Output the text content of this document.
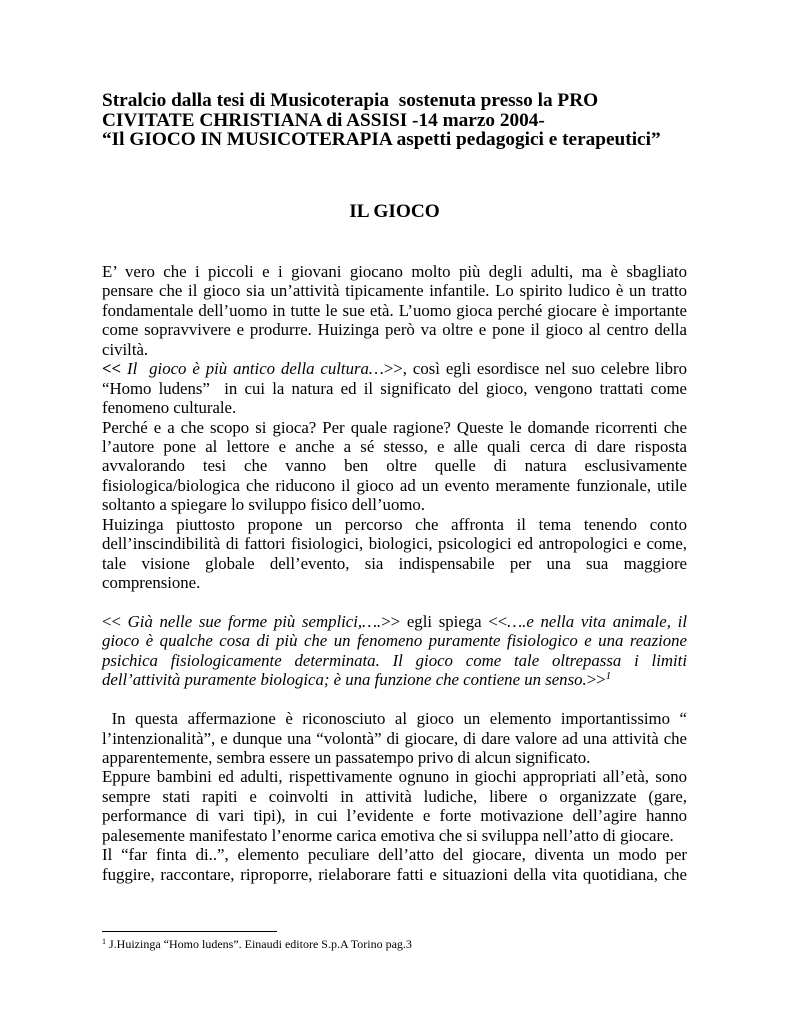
Stralcio dalla tesi di Musicoterapia  sostenuta presso la PRO
CIVITATE CHRISTIANA di ASSISI -14 marzo 2004-
“Il GIOCO IN MUSICOTERAPIA aspetti pedagogici e terapeutici”
IL GIOCO
E’ vero che i piccoli e i giovani giocano molto più degli adulti, ma è sbagliato
pensare che il gioco sia un’attività tipicamente infantile. Lo spirito ludico è un tratto
fondamentale dell’uomo in tutte le sue età. L’uomo gioca perché giocare è importante
come sopravvivere e produrre. Huizinga però va oltre e pone il gioco al centro della
civiltà.
<< Il  gioco è più antico della cultura…>>, così egli esordisce nel suo celebre libro
“Homo ludens”  in cui la natura ed il significato del gioco, vengono trattati come
fenomeno culturale.
Perché e a che scopo si gioca? Per quale ragione? Queste le domande ricorrenti che
l’autore pone al lettore e anche a sé stesso, e alle quali cerca di dare risposta
avvalorando tesi che vanno ben oltre quelle di natura esclusivamente
fisiologica/biologica che riducono il gioco ad un evento meramente funzionale, utile
soltanto a spiegare lo sviluppo fisico dell’uomo.
Huizinga piuttosto propone un percorso che affronta il tema tenendo conto
dell’inscindibilità di fattori fisiologici, biologici, psicologici ed antropologici e come,
tale visione globale dell’evento, sia indispensabile per una sua maggiore
comprensione.
<< Già nelle sue forme più semplici,….>> egli spiega <<….e nella vita animale, il
gioco è qualche cosa di più che un fenomeno puramente fisiologico e una reazione
psichica fisiologicamente determinata. Il gioco come tale oltrepassa i limiti
dell’attività puramente biologica; è una funzione che contiene un senso.>>$^1$
In questa affermazione è riconosciuto al gioco un elemento importantissimo “
l’intenzionalità”, e dunque una “volontà” di giocare, di dare valore ad una attività che
apparentemente, sembra essere un passatempo privo di alcun significato.
Eppure bambini ed adulti, rispettivamente ognuno in giochi appropriati all’età, sono
sempre stati rapiti e coinvolti in attività ludiche, libere o organizzate (gare,
performance di vari tipi), in cui l’evidente e forte motivazione dell’agire hanno
palesemente manifestato l’enorme carica emotiva che si sviluppa nell’atto di giocare.
Il “far finta di..”, elemento peculiare dell’atto del giocare, diventa un modo per
fuggire, raccontare, riproporre, rielaborare fatti e situazioni della vita quotidiana, che
$^1$ J.Huizinga “Homo ludens”. Einaudi editore S.p.A Torino pag.3
